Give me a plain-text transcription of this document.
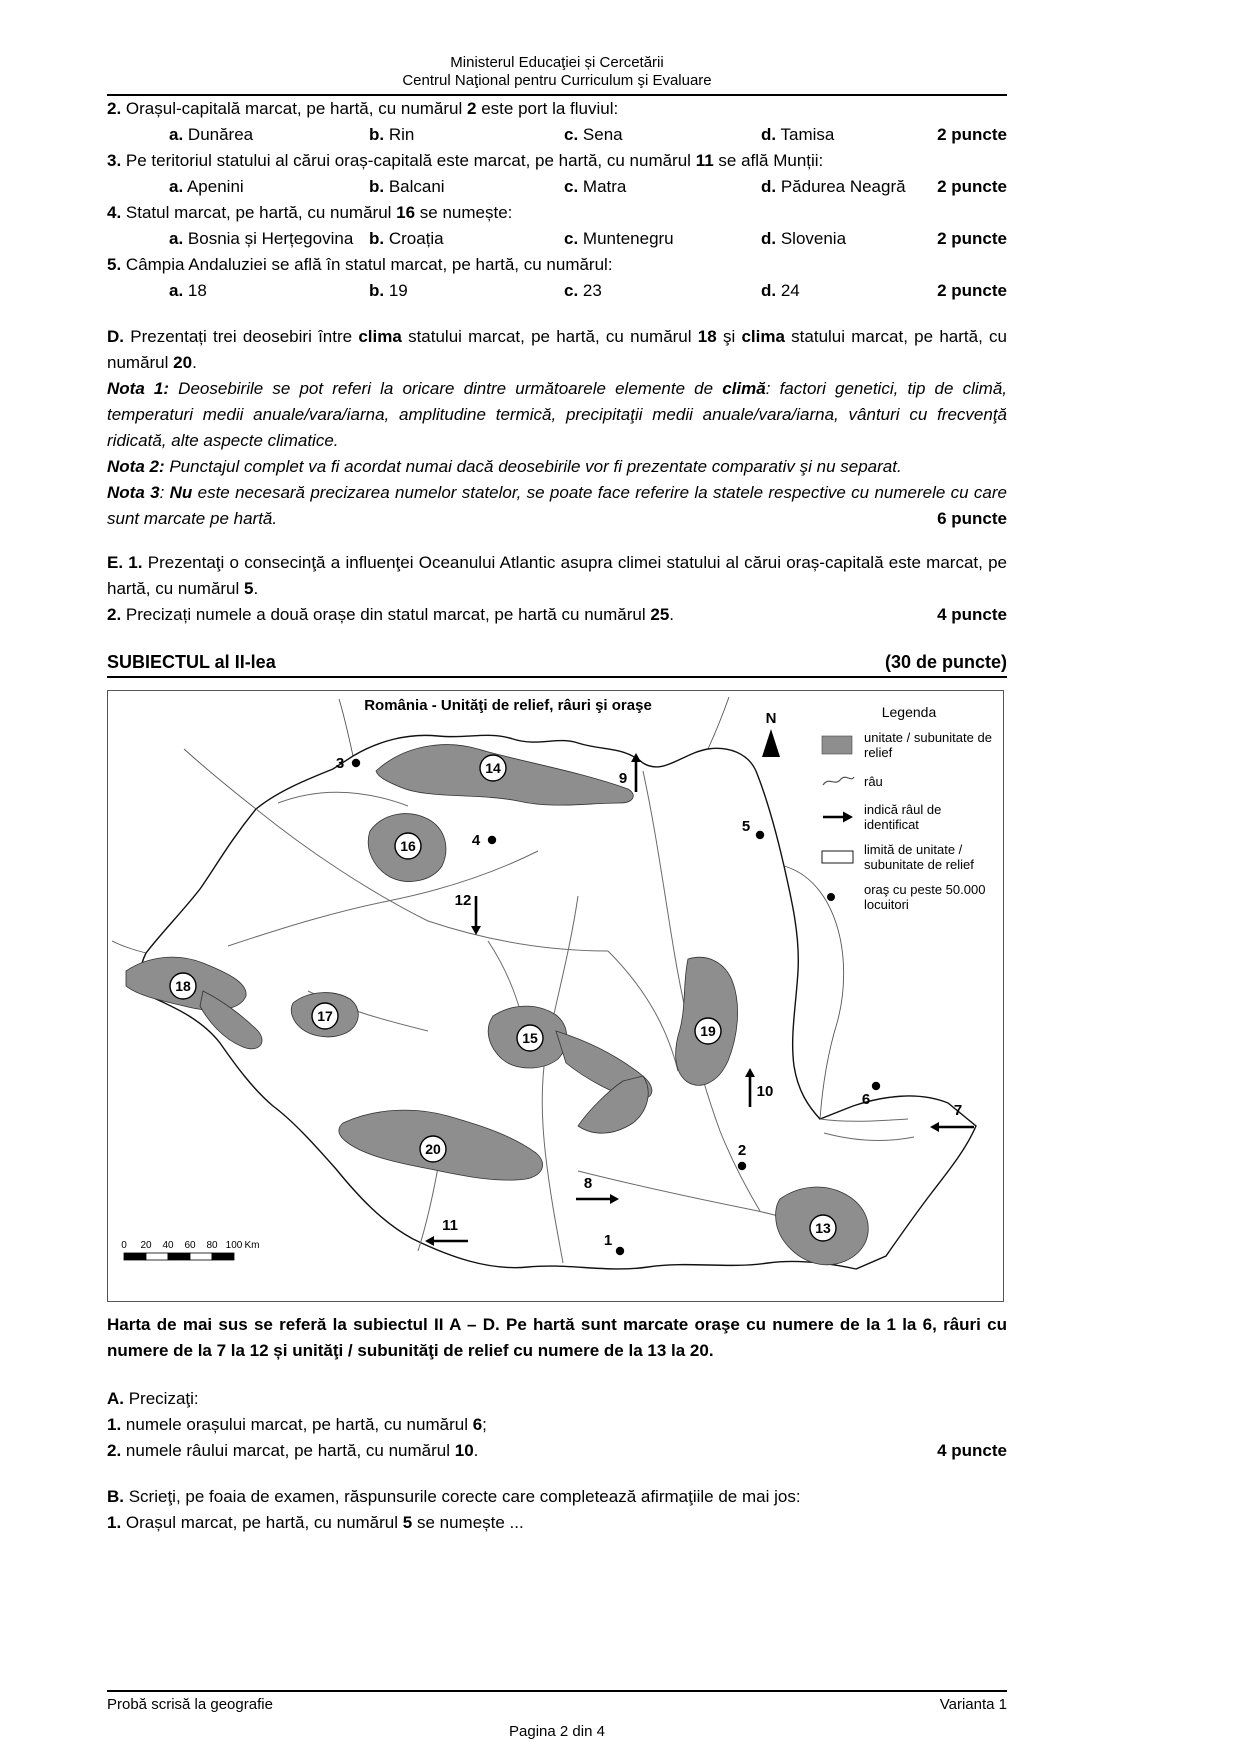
Ministerul Educaţiei și Cercetării
Centrul Naţional pentru Curriculum şi Evaluare

2. Orașul-capitală marcat, pe hartă, cu numărul 2 este port la fluviul:

a. Dunărea	b. Rin	c. Sena	d. Tamisa	2 puncte

3. Pe teritoriul statului al cărui oraș-capitală este marcat, pe hartă, cu numărul 11 se află Munții:

a. Apenini	b. Balcani	c. Matra	d. Pădurea Neagră	2 puncte

4. Statul marcat, pe hartă, cu numărul 16 se numește:

a. Bosnia și Herțegovina b. Croația	c. Muntenegru	d. Slovenia	2 puncte

5. Câmpia Andaluziei se află în statul marcat, pe hartă, cu numărul:

a. 18	b. 19	c. 23	d. 24	2 puncte

D. Prezentați trei deosebiri între clima statului marcat, pe hartă, cu numărul 18 şi clima statului marcat, pe hartă, cu numărul 20.

Nota 1: Deosebirile se pot referi la oricare dintre următoarele elemente de climă: factori genetici, tip de climă, temperaturi medii anuale/vara/iarna, amplitudine termică, precipitaţii medii anuale/vara/iarna, vânturi cu frecvenţă ridicată, alte aspecte climatice.

Nota 2: Punctajul complet va fi acordat numai dacă deosebirile vor fi prezentate comparativ şi nu separat.

Nota 3: Nu este necesară precizarea numelor statelor, se poate face referire la statele respective cu numerele cu care sunt marcate pe hartă.	6 puncte

E. 1. Prezentaţi o consecinţă a influenţei Oceanului Atlantic asupra climei statului al cărui oraș-capitală este marcat, pe hartă, cu numărul 5.

2. Precizați numele a două orașe din statul marcat, pe hartă cu numărul 25.	4 puncte
SUBIECTUL al II-lea	(30 de puncte)
N
13
14
15
16
17
18
19
20
1
2
3
4
5
6
7
8
9
10
11
12
0 20 40 60 80 100 Km
România - Unităţi de relief, râuri şi oraşe	Legenda
unitate / subunitate de relief
râu
indică râul de identificat
limită de unitate / subunitate de relief
oraş cu peste 50.000 locuitori

Harta de mai sus se referă la subiectul II A – D. Pe hartă sunt marcate oraşe cu numere de la 1 la 6, râuri cu numere de la 7 la 12 și unităţi / subunităţi de relief cu numere de la 13 la 20.

A. Precizaţi:

1. numele orașului marcat, pe hartă, cu numărul 6;

2. numele râului marcat, pe hartă, cu numărul 10.	4 puncte

B. Scrieţi, pe foaia de examen, răspunsurile corecte care completează afirmaţiile de mai jos:

1. Orașul marcat, pe hartă, cu numărul 5 se numește ...

Probă scrisă la geografie	Varianta 1
Pagina 2 din 4
